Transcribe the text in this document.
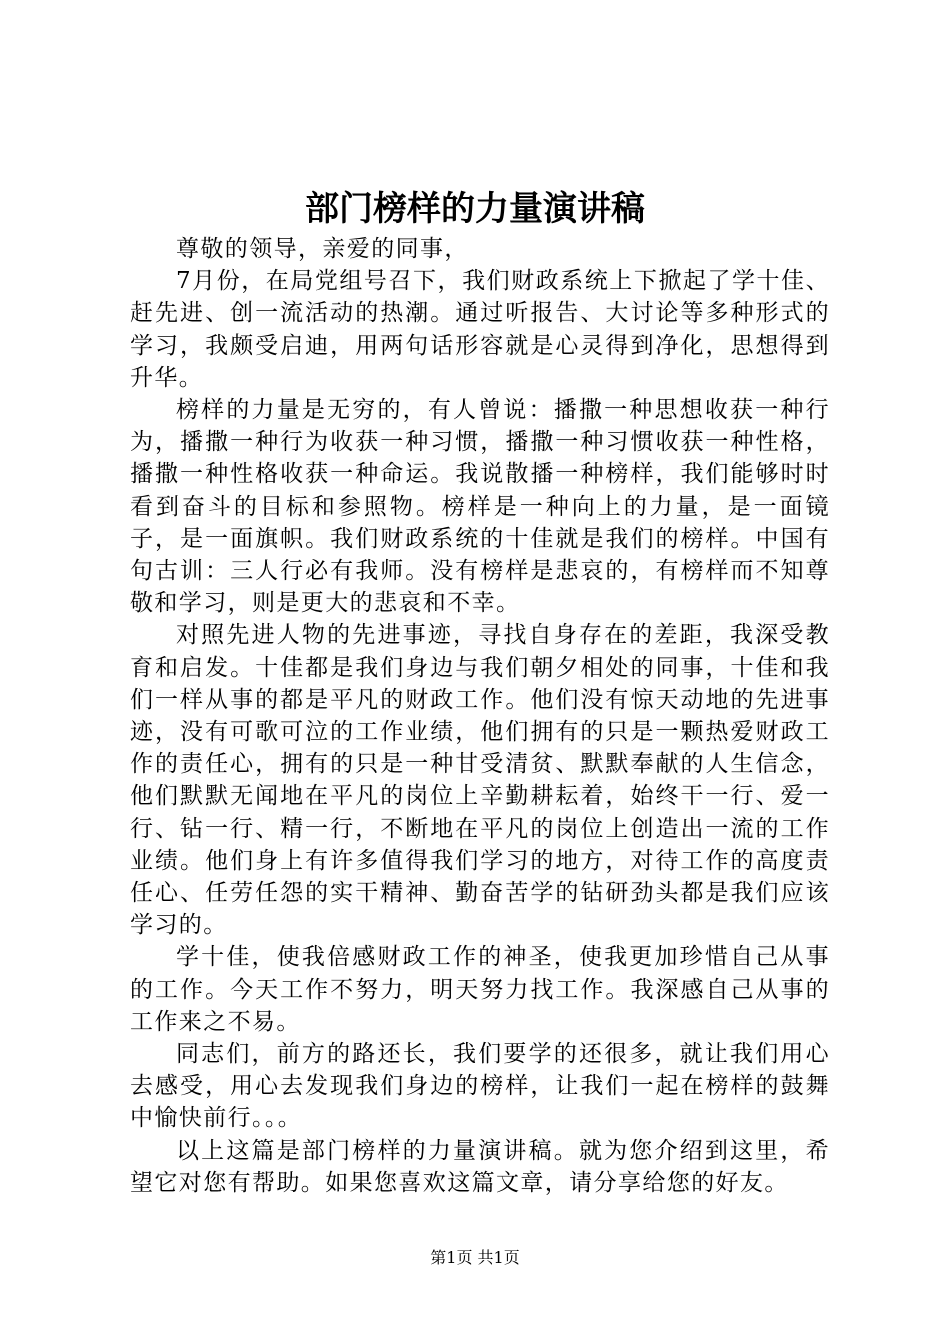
部门榜样的力量演讲稿

尊敬的领导，亲爱的同事，

7月份，在局党组号召下，我们财政系统上下掀起了学十佳、赶先进、创一流活动的热潮。通过听报告、大讨论等多种形式的学习，我颇受启迪，用两句话形容就是心灵得到净化，思想得到升华。

榜样的力量是无穷的，有人曾说：播撒一种思想收获一种行为，播撒一种行为收获一种习惯，播撒一种习惯收获一种性格，播撒一种性格收获一种命运。我说散播一种榜样，我们能够时时看到奋斗的目标和参照物。榜样是一种向上的力量，是一面镜子，是一面旗帜。我们财政系统的十佳就是我们的榜样。中国有句古训：三人行必有我师。没有榜样是悲哀的，有榜样而不知尊敬和学习，则是更大的悲哀和不幸。

对照先进人物的先进事迹，寻找自身存在的差距，我深受教育和启发。十佳都是我们身边与我们朝夕相处的同事，十佳和我们一样从事的都是平凡的财政工作。他们没有惊天动地的先进事迹，没有可歌可泣的工作业绩，他们拥有的只是一颗热爱财政工作的责任心，拥有的只是一种甘受清贫、默默奉献的人生信念，他们默默无闻地在平凡的岗位上辛勤耕耘着，始终干一行、爱一行、钻一行、精一行，不断地在平凡的岗位上创造出一流的工作业绩。他们身上有许多值得我们学习的地方，对待工作的高度责任心、任劳任怨的实干精神、勤奋苦学的钻研劲头都是我们应该学习的。

学十佳，使我倍感财政工作的神圣，使我更加珍惜自己从事的工作。今天工作不努力，明天努力找工作。我深感自己从事的工作来之不易。

同志们，前方的路还长，我们要学的还很多，就让我们用心去感受，用心去发现我们身边的榜样，让我们一起在榜样的鼓舞中愉快前行。。。

以上这篇是部门榜样的力量演讲稿。就为您介绍到这里，希望它对您有帮助。如果您喜欢这篇文章，请分享给您的好友。

第1页 共1页
